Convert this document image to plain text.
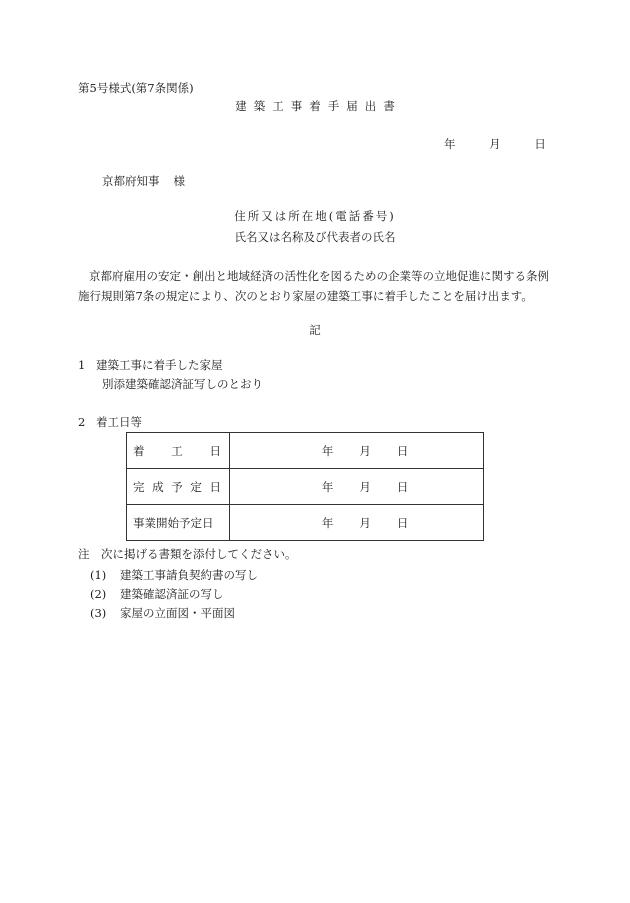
第5号様式(第7条関係)
建築工事着手届出書
年	月	日
京都府知事 様
住所又は所在地(電話番号)
氏名又は名称及び代表者の氏名
京都府雇用の安定・創出と地域経済の活性化を図るための企業等の立地促進に関する条例施行規則第7条の規定により、次のとおり家屋の建築工事に着手したことを届け出ます。
記
1 建築工事に着手した家屋
別添建築確認済証写しのとおり
2 着工日等
着 工 日	年 月 日

完 成 予 定 日	年 月 日

事業開始予定日	年 月 日
注 次に掲げる書類を添付してください。
(1) 建築工事請負契約書の写し
(2) 建築確認済証の写し
(3) 家屋の立面図・平面図
